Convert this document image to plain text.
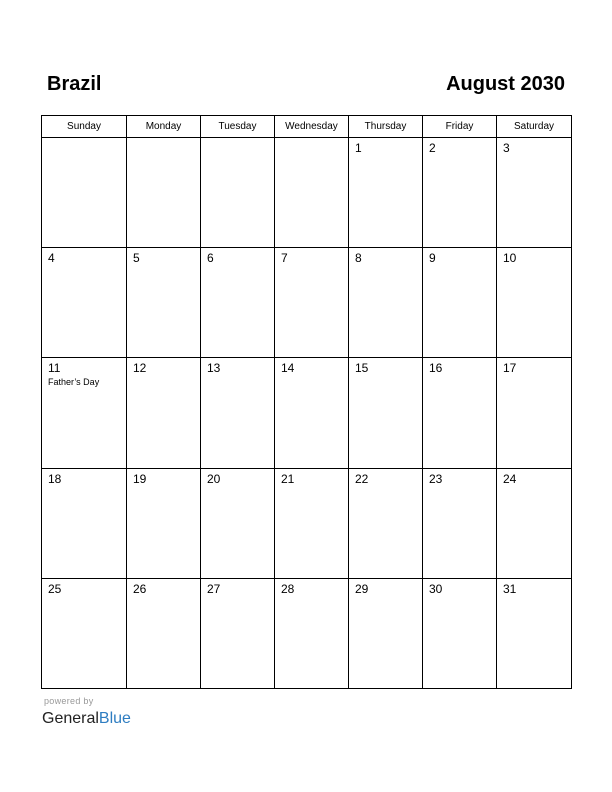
Brazil	August 2030
Sunday	Monday	Tuesday	Wednesday	Thursday	Friday	Saturday

				1	2	3

4	5	6	7	8	9	10

11
Father’s Day	12	13	14	15	16	17

18	19	20	21	22	23	24

25	26	27	28	29	30	31
powered by
GeneralBlue
